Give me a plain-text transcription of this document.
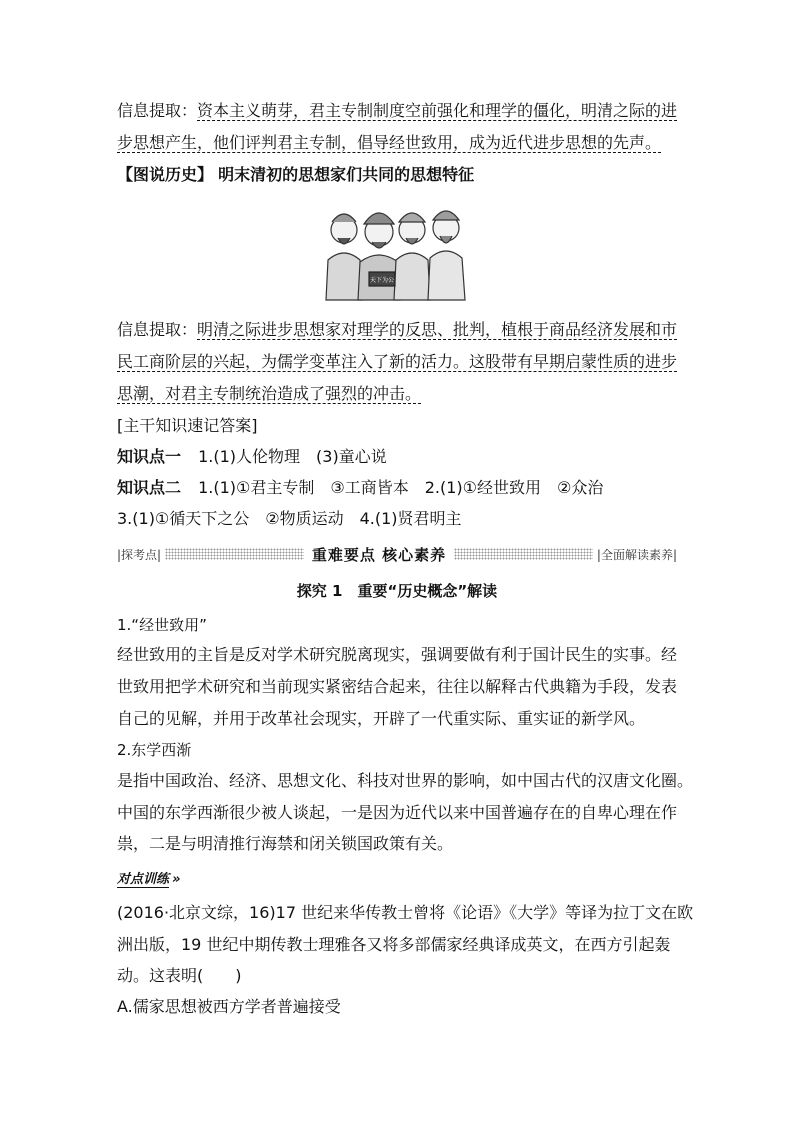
信息提取：资本主义萌芽，君主专制制度空前强化和理学的僵化，明清之际的进
步思想产生，他们评判君主专制，倡导经世致用，成为近代进步思想的先声。
【图说历史】 明末清初的思想家们共同的思想特征
天下为公
信息提取：明清之际进步思想家对理学的反思、批判，植根于商品经济发展和市
民工商阶层的兴起，为儒学变革注入了新的活力。这股带有早期启蒙性质的进步
思潮，对君主专制统治造成了强烈的冲击。
[主干知识速记答案]
知识点一 1.(1)人伦物理　(3)童心说
知识点二 1.(1)①君主专制　③工商皆本　2.(1)①经世致用　②众治
3.(1)①循天下之公　②物质运动　4.(1)贤君明主
|探考点|	重难要点 核心素养	|全面解读素养|
探究 1　重要“历史概念”解读
1.“经世致用”
经世致用的主旨是反对学术研究脱离现实，强调要做有利于国计民生的实事。经
世致用把学术研究和当前现实紧密结合起来，往往以解释古代典籍为手段，发表
自己的见解，并用于改革社会现实，开辟了一代重实际、重实证的新学风。
2.东学西渐
是指中国政治、经济、思想文化、科技对世界的影响，如中国古代的汉唐文化圈。
中国的东学西渐很少被人谈起，一是因为近代以来中国普遍存在的自卑心理在作
祟，二是与明清推行海禁和闭关锁国政策有关。
对点训练 »
(2016·北京文综，16)17 世纪来华传教士曾将《论语》《大学》等译为拉丁文在欧
洲出版，19 世纪中期传教士理雅各又将多部儒家经典译成英文，在西方引起轰
动。这表明(　　)
A.儒家思想被西方学者普遍接受
